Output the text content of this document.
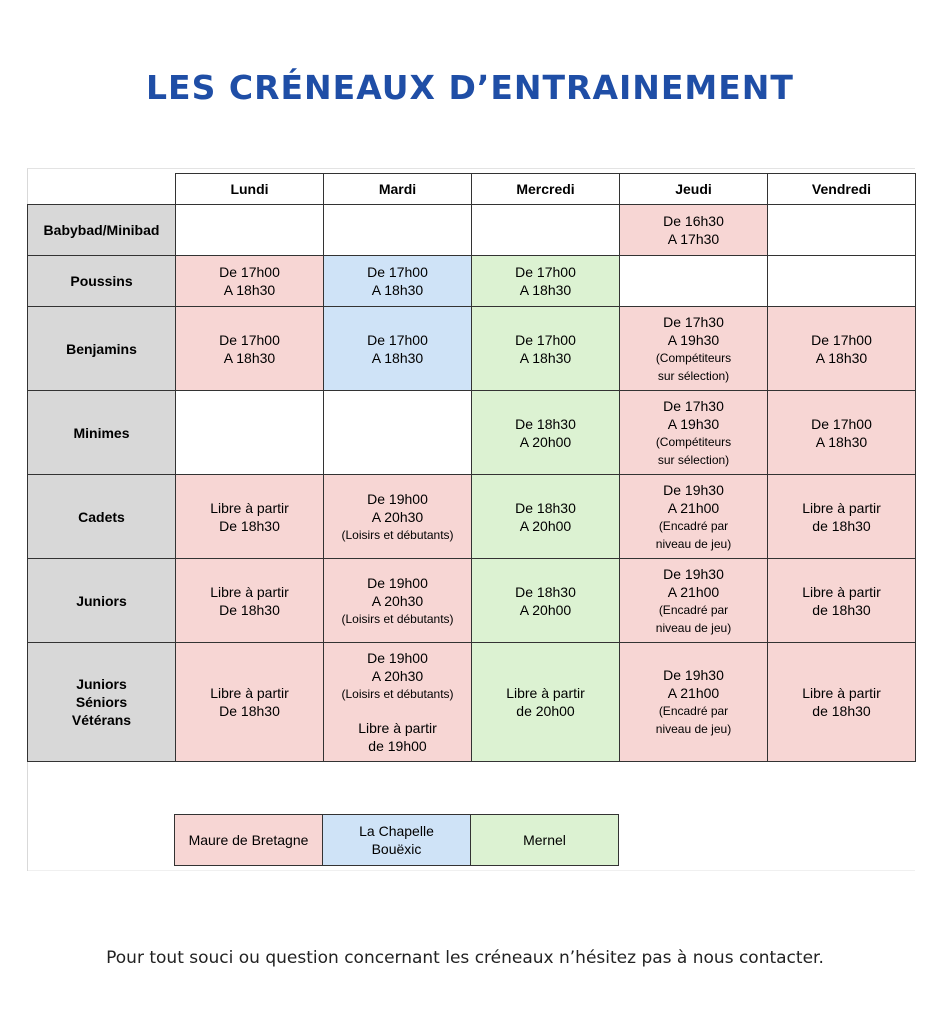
LES CRÉNEAUX D’ENTRAINEMENT
	Lundi	Mardi	Mercredi	Jeudi	Vendredi
Babybad/Minibad				De 16h30
A 17h30	

Poussins	De 17h00
A 18h30	De 17h00
A 18h30	De 17h00
A 18h30		

Benjamins	De 17h00
A 18h30	De 17h00
A 18h30	De 17h00
A 18h30	De 17h30
A 19h30
(Compétiteurs
sur sélection)	De 17h00
A 18h30

Minimes			De 18h30
A 20h00	De 17h30
A 19h30
(Compétiteurs
sur sélection)	De 17h00
A 18h30

Cadets	Libre à partir
De 18h30	De 19h00
A 20h30
(Loisirs et débutants)	De 18h30
A 20h00	De 19h30
A 21h00
(Encadré par
niveau de jeu)	Libre à partir
de 18h30

Juniors	Libre à partir
De 18h30	De 19h00
A 20h30
(Loisirs et débutants)	De 18h30
A 20h00	De 19h30
A 21h00
(Encadré par
niveau de jeu)	Libre à partir
de 18h30

Juniors
Séniors
Vétérans	Libre à partir
De 18h30	De 19h00
A 20h30
(Loisirs et débutants)
Libre à partir
de 19h00	Libre à partir
de 20h00	De 19h30
A 21h00
(Encadré par
niveau de jeu)	Libre à partir
de 18h30
Maure de Bretagne	La Chapelle
Bouëxic	Mernel

Pour tout souci ou question concernant les créneaux n’hésitez pas à nous contacter.
